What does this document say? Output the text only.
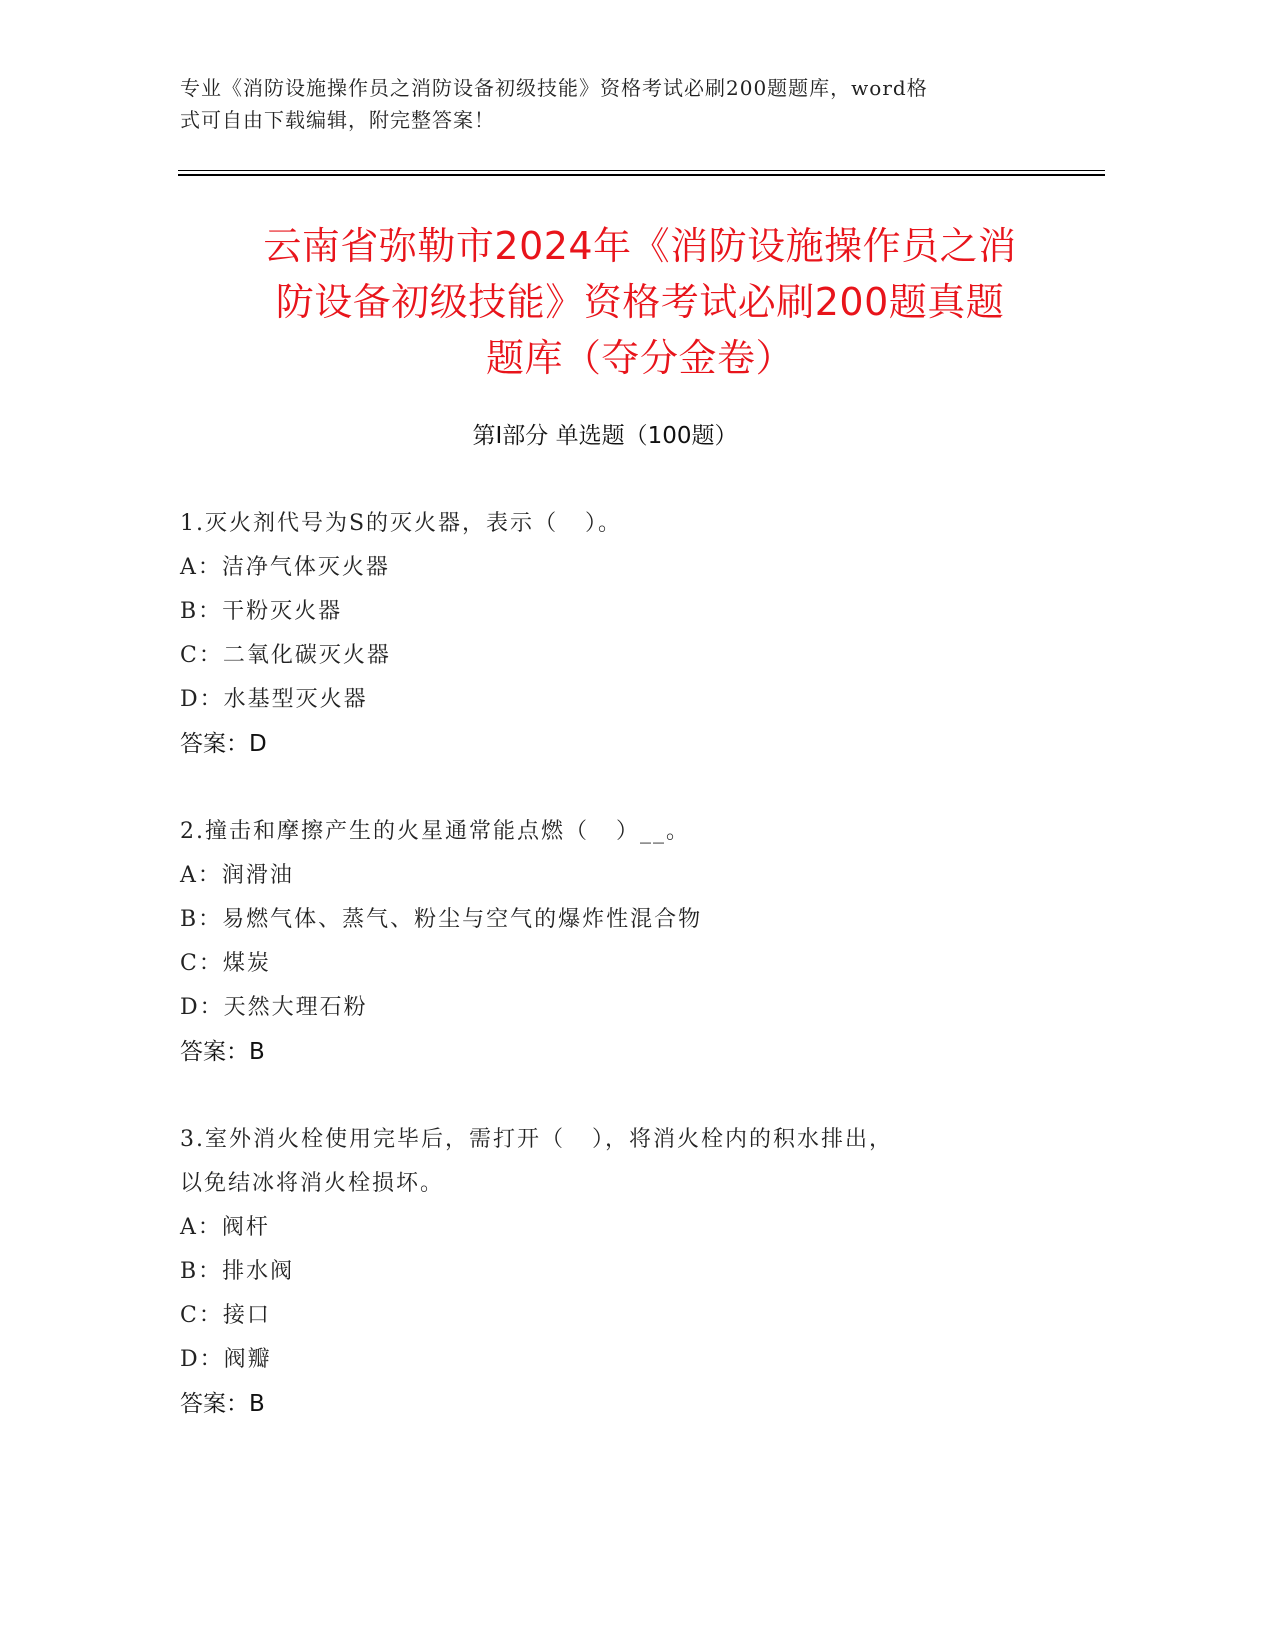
专业《消防设施操作员之消防设备初级技能》资格考试必刷200题题库，word格
式可自由下载编辑，附完整答案！
云南省弥勒市2024年《消防设施操作员之消
防设备初级技能》资格考试必刷200题真题
题库（夺分金卷）
第Ⅰ部分 单选题（100题）
1.灭火剂代号为S的灭火器，表示（   ）。
A：洁净气体灭火器
B：干粉灭火器
C：二氧化碳灭火器
D：水基型灭火器
答案：D
2.撞击和摩擦产生的火星通常能点燃（   ）__。
A：润滑油
B：易燃气体、蒸气、粉尘与空气的爆炸性混合物
C：煤炭
D：天然大理石粉
答案：B
3.室外消火栓使用完毕后，需打开（   ），将消火栓内的积水排出，
以免结冰将消火栓损坏。
A：阀杆
B：排水阀
C：接口
D：阀瓣
答案：B
